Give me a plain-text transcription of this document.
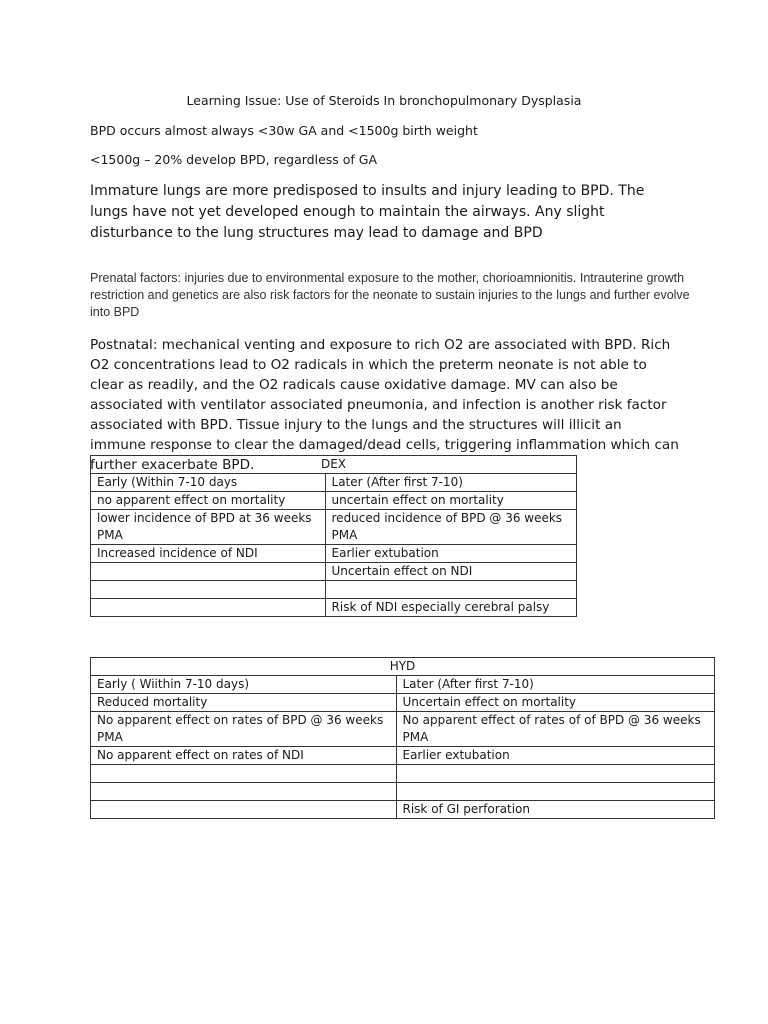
Learning Issue: Use of Steroids In bronchopulmonary Dysplasia
BPD occurs almost always <30w GA and <1500g birth weight
<1500g – 20% develop BPD, regardless of GA
Immature lungs are more predisposed to insults and injury leading to BPD. The lungs have not yet developed enough to maintain the airways. Any slight disturbance to the lung structures may lead to damage and BPD
Prenatal factors: injuries due to environmental exposure to the mother, chorioamnionitis. Intrauterine growth restriction and genetics are also risk factors for the neonate to sustain injuries to the lungs and further evolve into BPD
Postnatal: mechanical venting and exposure to rich O2 are associated with BPD. Rich O2 concentrations lead to O2 radicals in which the preterm neonate is not able to clear as readily, and the O2 radicals cause oxidative damage. MV can also be associated with ventilator associated pneumonia, and infection is another risk factor associated with BPD. Tissue injury to the lungs and the structures will illicit an immune response to clear the damaged/dead cells, triggering inflammation which can further exacerbate BPD.	DEX	
Early (Within 7-10 days	Later (After first 7-10)
no apparent effect on mortality	uncertain effect on mortality
lower incidence of BPD at 36 weeks PMA	reduced incidence of BPD @ 36 weeks PMA
Increased incidence of NDI	Earlier extubation
	Uncertain effect on NDI

	Risk of NDI especially cerebral palsy
HYD	
Early ( Wiithin 7-10 days)	Later (After first 7-10)
Reduced mortality	Uncertain effect on mortality
No apparent effect on rates of BPD @ 36 weeks PMA	No apparent effect of rates of of BPD @ 36 weeks PMA
No apparent effect on rates of NDI	Earlier extubation

	Risk of GI perforation
